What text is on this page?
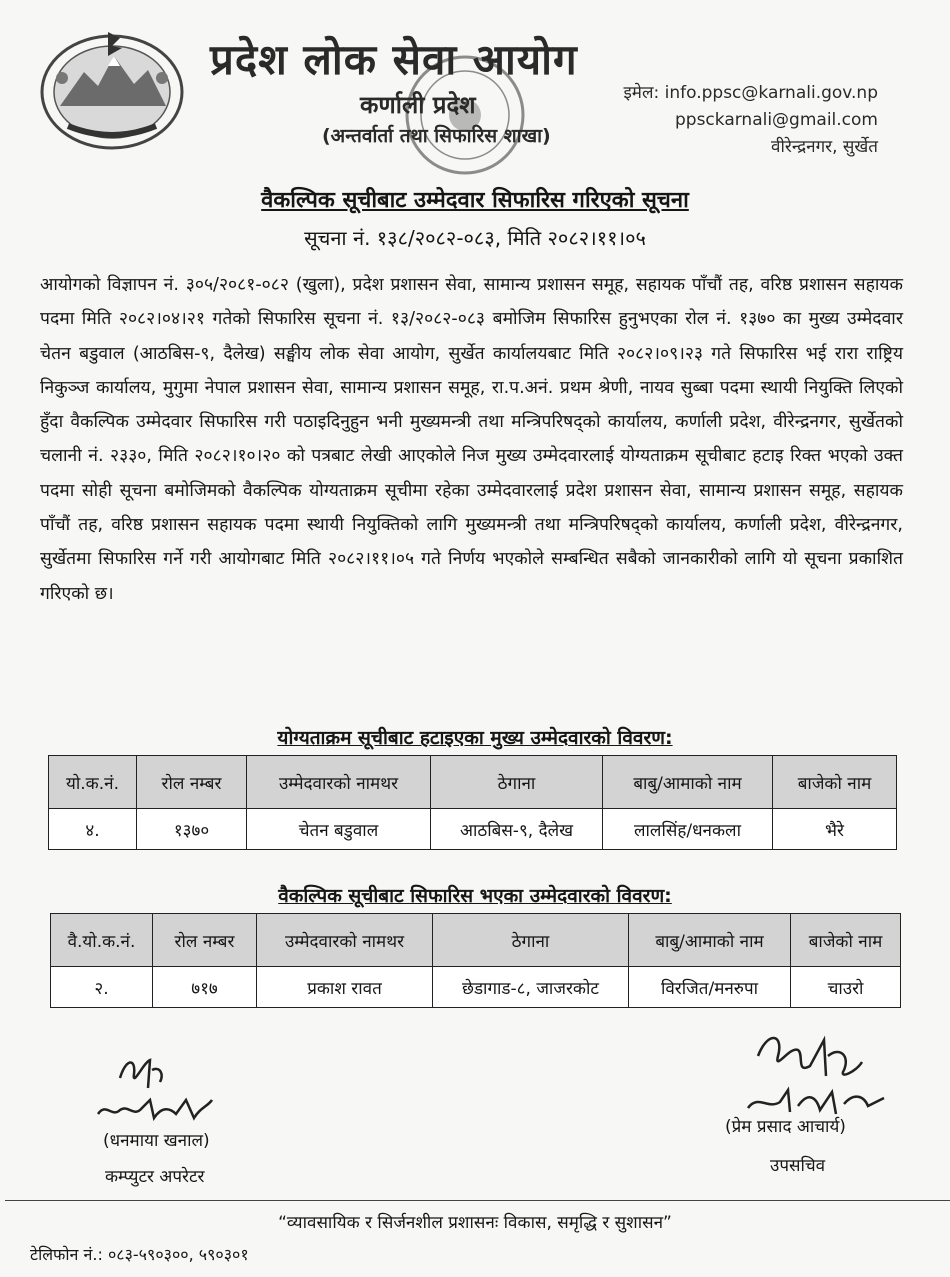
प्रदेश लोक सेवा आयोग
कर्णाली प्रदेश
(अन्तर्वार्ता तथा सिफारिस शाखा)
इमेल: info.ppsc@karnali.gov.np
ppsckarnali@gmail.com
वीरेन्द्रनगर, सुर्खेत
वैकल्पिक सूचीबाट उम्मेदवार सिफारिस गरिएको सूचना
सूचना नं. १३८/२०८२-०८३, मिति २०८२।११।०५
आयोगको विज्ञापन नं. ३०५/२०८१-०८२ (खुला), प्रदेश प्रशासन सेवा, सामान्य प्रशासन समूह, सहायक पाँचौं तह, वरिष्ठ प्रशासन सहायक पदमा मिति २०८२।०४।२१ गतेको सिफारिस सूचना नं. १३/२०८२-०८३ बमोजिम सिफारिस हुनुभएका रोल नं. १३७० का मुख्य उम्मेदवार चेतन बडुवाल (आठबिस-९, दैलेख) सङ्घीय लोक सेवा आयोग, सुर्खेत कार्यालयबाट मिति २०८२।०९।२३ गते सिफारिस भई रारा राष्ट्रिय निकुञ्ज कार्यालय, मुगुमा नेपाल प्रशासन सेवा, सामान्य प्रशासन समूह, रा.प.अनं. प्रथम श्रेणी, नायव सुब्बा पदमा स्थायी नियुक्ति लिएको हुँदा वैकल्पिक उम्मेदवार सिफारिस गरी पठाइदिनुहुन भनी मुख्यमन्त्री तथा मन्त्रिपरिषद्को कार्यालय, कर्णाली प्रदेश, वीरेन्द्रनगर, सुर्खेतको चलानी नं. २३३०, मिति २०८२।१०।२० को पत्रबाट लेखी आएकोले निज मुख्य उम्मेदवारलाई योग्यताक्रम सूचीबाट हटाइ रिक्त भएको उक्त पदमा सोही सूचना बमोजिमको वैकल्पिक योग्यताक्रम सूचीमा रहेका उम्मेदवारलाई प्रदेश प्रशासन सेवा, सामान्य प्रशासन समूह, सहायक पाँचौं तह, वरिष्ठ प्रशासन सहायक पदमा स्थायी नियुक्तिको लागि मुख्यमन्त्री तथा मन्त्रिपरिषद्को कार्यालय, कर्णाली प्रदेश, वीरेन्द्रनगर, सुर्खेतमा सिफारिस गर्ने गरी आयोगबाट मिति २०८२।११।०५ गते निर्णय भएकोले सम्बन्धित सबैको जानकारीको लागि यो सूचना प्रकाशित गरिएको छ।
योग्यताक्रम सूचीबाट हटाइएका मुख्य उम्मेदवारको विवरण:
यो.क.नं.	रोल नम्बर	उम्मेदवारको नामथर	ठेगाना	बाबु/आमाको नाम	बाजेको नाम
४.	१३७०	चेतन बडुवाल	आठबिस-९, दैलेख	लालसिंह/धनकला	भैरे
वैकल्पिक सूचीबाट सिफारिस भएका उम्मेदवारको विवरण:
वै.यो.क.नं.	रोल नम्बर	उम्मेदवारको नामथर	ठेगाना	बाबु/आमाको नाम	बाजेको नाम
२.	७१७	प्रकाश रावत	छेडागाड-८, जाजरकोट	विरजित/मनरुपा	चाउरो
(धनमाया खनाल)
कम्प्युटर अपरेटर
(प्रेम प्रसाद आचार्य)
उपसचिव
“व्यावसायिक र सिर्जनशील प्रशासनः विकास, समृद्धि र सुशासन”
टेलिफोन नं.: ०८३-५९०३००, ५९०३०१
